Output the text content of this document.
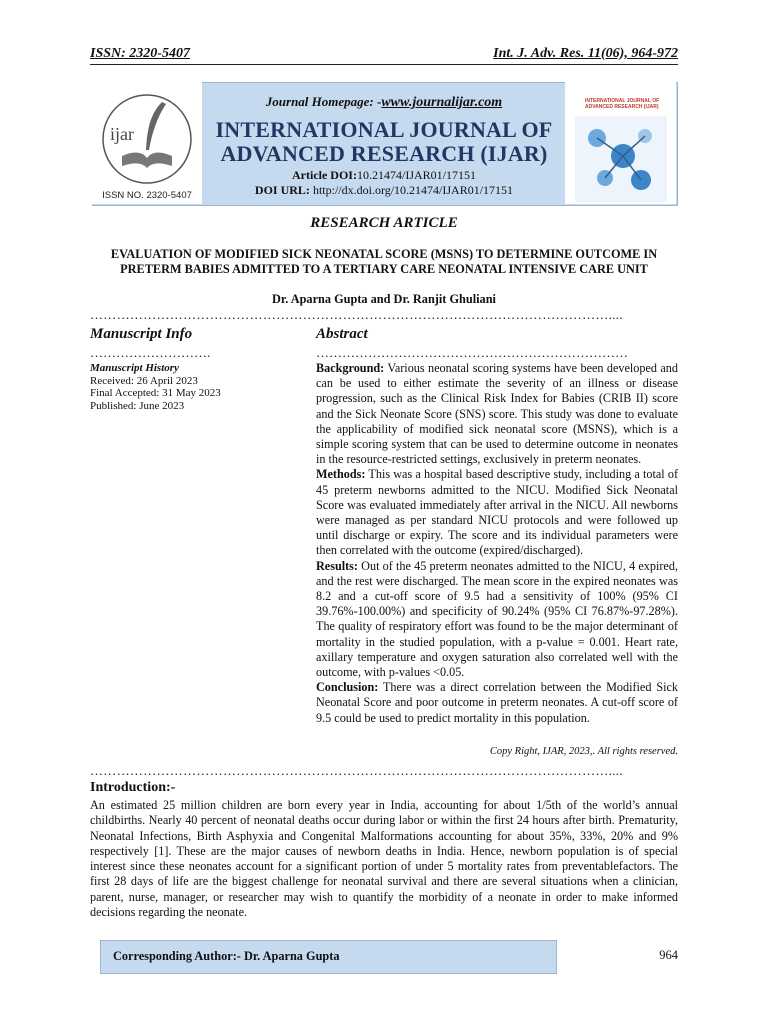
ISSN: 2320-5407	Int. J. Adv. Res. 11(06), 964-972
ijar
ISSN NO. 2320-5407
INTERNATIONAL JOURNAL OF ADVANCED RESEARCH (IJAR)
Journal Homepage: -www.journalijar.com
INTERNATIONAL JOURNAL OF
ADVANCED RESEARCH (IJAR)
Article DOI:10.21474/IJAR01/17151
DOI URL: http://dx.doi.org/10.21474/IJAR01/17151
RESEARCH ARTICLE
EVALUATION OF MODIFIED SICK NEONATAL SCORE (MSNS) TO DETERMINE OUTCOME IN
PRETERM BABIES ADMITTED TO A TERTIARY CARE NEONATAL INTENSIVE CARE UNIT
Dr. Aparna Gupta and Dr. Ranjit Ghuliani
………………………………………………………………………………………………………....
Manuscript Info
……………………….
Manuscript History
Received: 26 April 2023
Final Accepted: 31 May 2023
Published: June 2023
Abstract
………………………………………………………………

Background: Various neonatal scoring systems have been developed and can be used to either estimate the severity of an illness or disease progression, such as the Clinical Risk Index for Babies (CRIB II) score and the Sick Neonate Score (SNS) score. This study was done to evaluate the applicability of modified sick neonatal score (MSNS), which is a simple scoring system that can be used to determine outcome in neonates in the resource-restricted settings, exclusively in preterm neonates.

Methods: This was a hospital based descriptive study, including a total of 45 preterm newborns admitted to the NICU. Modified Sick Neonatal Score was evaluated immediately after arrival in the NICU. All newborns were managed as per standard NICU protocols and were followed up until discharge or expiry. The score and its individual parameters were then correlated with the outcome (expired/discharged).

Results: Out of the 45 preterm neonates admitted to the NICU, 4 expired, and the rest were discharged. The mean score in the expired neonates was 8.2 and a cut-off score of 9.5 had a sensitivity of 100% (95% CI 39.76%-100.00%) and specificity of 90.24% (95% CI 76.87%-97.28%). The quality of respiratory effort was found to be the major determinant of mortality in the studied population, with a p-value = 0.001. Heart rate, axillary temperature and oxygen saturation also correlated well with the outcome, with p-values <0.05.

Conclusion: There was a direct correlation between the Modified Sick Neonatal Score and poor outcome in preterm neonates. A cut-off score of 9.5 could be used to predict mortality in this population.

Copy Right, IJAR, 2023,. All rights reserved.
………………………………………………………………………………………………………....
Introduction:-
An estimated 25 million children are born every year in India, accounting for about 1/5th of the world’s annual childbirths. Nearly 40 percent of neonatal deaths occur during labor or within the first 24 hours after birth. Prematurity, Neonatal Infections, Birth Asphyxia and Congenital Malformations accounting for about 35%, 33%, 20% and 9% respectively [1]. These are the major causes of newborn deaths in India. Hence, newborn population is of special interest since these neonates account for a significant portion of under 5 mortality rates from preventablefactors. The first 28 days of life are the biggest challenge for neonatal survival and there are several situations when a clinician, parent, nurse, manager, or researcher may wish to quantify the morbidity of a neonate in order to make informed decisions regarding the neonate.
Corresponding Author:- Dr. Aparna Gupta	964
